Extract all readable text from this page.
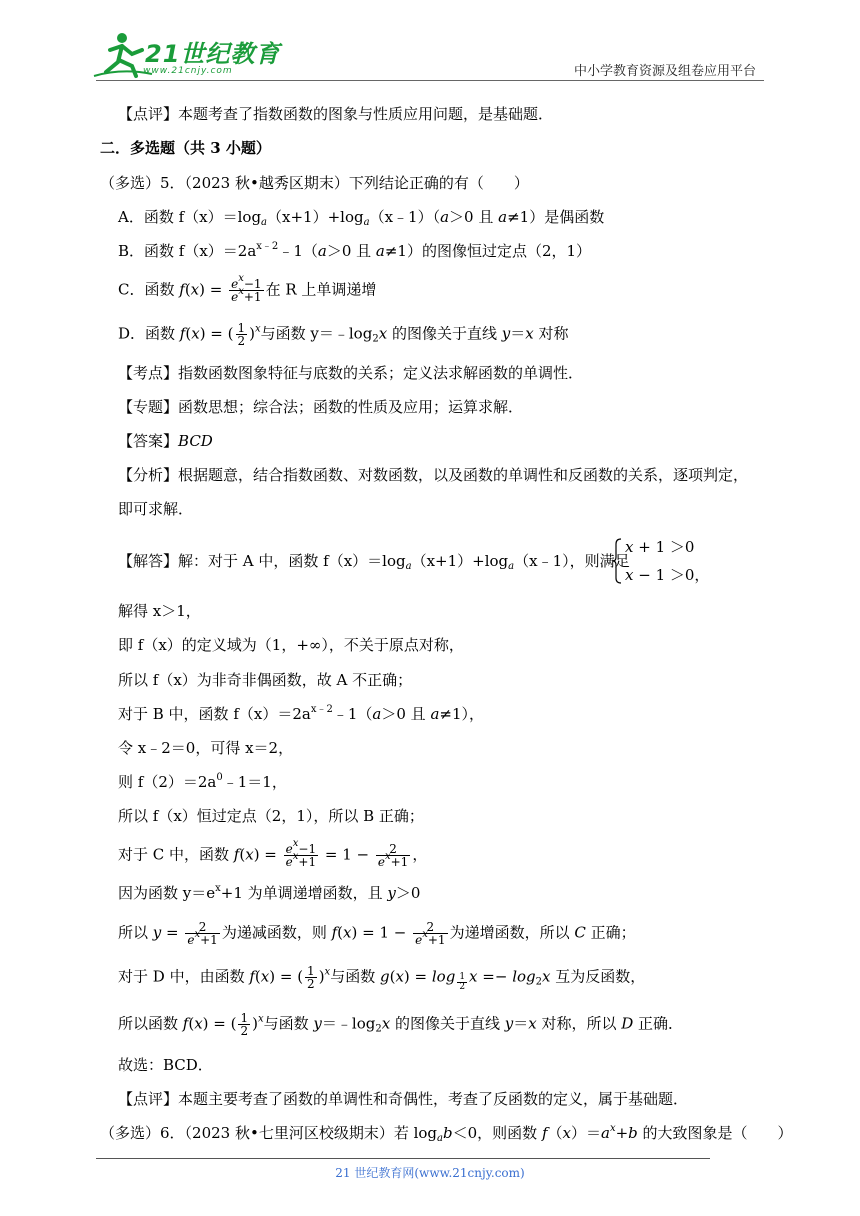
21世纪教育
www.21cnjy.com	中小学教育资源及组卷应用平台
【点评】本题考查了指数函数的图象与性质应用问题，是基础题．
二．多选题（共 3 小题）
（多选）5．（2023 秋•越秀区期末）下列结论正确的有（　　）
A．函数 $f(x)=\log_a(x+1)+\log_a(x﹣1)(a>0$ 且 a≠1）是偶函数
B．函数 $f(x)=2a^{x﹣2}﹣1(a>0$ 且 a≠1）的图像恒过定点（2，1）
C．函数 $f(x) = \frac{e^x-1}{e^x+1}$ 在 R 上单调递增
D．函数 f(x) = ( $\frac{1}{2} )^x$与函数 $y=﹣\log_2x$ 的图像关于直线 y＝x 对称
【考点】指数函数图象特征与底数的关系；定义法求解函数的单调性．
【专题】函数思想；综合法；函数的性质及应用；运算求解．
【答案】BCD
【分析】根据题意，结合指数函数、对数函数，以及函数的单调性和反函数的关系，逐项判定，
即可求解．
【解答】解：对于 A 中，函数 $f(x)=\log_a(x+1)+\log_a(x﹣1)$，则满足
x + 1 ＞0
x − 1 ＞0，
解得 x＞1，
即 f（x）的定义域为（1，+∞），不关于原点对称，
所以 f（x）为非奇非偶函数，故 A 不正确；
对于 B 中，函数 $f(x)=2a^{x﹣2}﹣1(a>0$ 且 a≠1），
令 x﹣2＝0，可得 x＝2，
则 $f(2)=2a^0﹣1=1$，
所以 f（x）恒过定点（2，1），所以 B 正确；
对于 C 中，函数 $f(x) = \frac{e^x-1}{e^x+1} = 1 - \frac{2}{e^x+1}$ ，
因为函数 $y=e^x+1$ 为单调递增函数，且 y＞0
所以 $y = \frac{2}{e^x+1}$ 为递减函数，则 $f(x) = 1 - \frac{2}{e^x+1}$ 为递增函数，所以 C 正确；
对于 D 中，由函数 f(x) = ( $\frac{1}{2} )^x$与函数 g(x) = log $_{\frac{1}{2}}$ $x =- \log_2x$ 互为反函数，
所以函数 f(x) = ( $\frac{1}{2} )^x$与函数 $y=﹣\log_2x$ 的图像关于直线 y＝x 对称，所以 D 正确．
故选：BCD．
【点评】本题主要考查了函数的单调性和奇偶性，考查了反函数的定义，属于基础题．
（多选）6．（2023 秋•七里河区校级期末）若 $\log_ab<0$，则函数 $f(x)=a^x+b$ 的大致图象是（　　）
21 世纪教育网(www.21cnjy.com)
